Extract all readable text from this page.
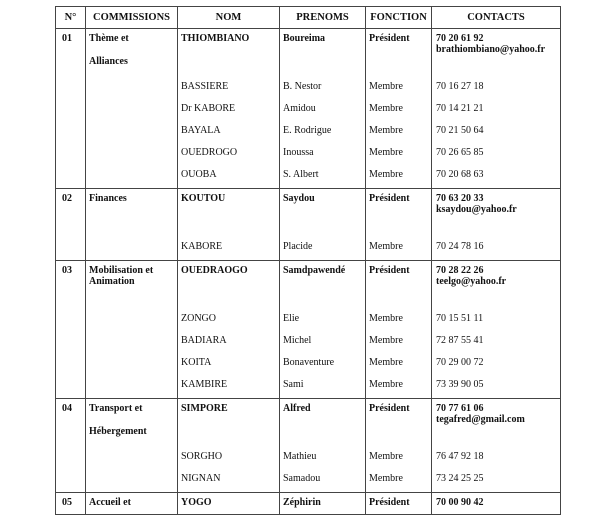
N°	COMMISSIONS	NOM	PRENOMS	FONCTION	CONTACTS

01	Thème et
Alliances	THIOMBIANO	Boureima	Président	70 20 61 92
brathiombiano@yahoo.fr

		BASSIERE	B. Nestor	Membre	70 16 27 18

		Dr KABORE	Amidou	Membre	70 14 21 21

		BAYALA	E. Rodrigue	Membre	70 21 50 64

		OUEDROGO	Inoussa	Membre	70 26 65 85

		OUOBA	S. Albert	Membre	70 20 68 63

02	Finances	KOUTOU	Saydou	Président	70 63 20 33
ksaydou@yahoo.fr

		KABORE	Placide	Membre	70 24 78 16

03	Mobilisation et
Animation	OUEDRAOGO	Samdpawendé	Président	70 28 22 26
teelgo@yahoo.fr

		ZONGO	Elie	Membre	70 15 51 11

		BADIARA	Michel	Membre	72 87 55 41

		KOITA	Bonaventure	Membre	70 29 00 72

		KAMBIRE	Sami	Membre	73 39 90 05

04	Transport et
Hébergement	SIMPORE	Alfred	Président	70 77 61 06
tegafred@gmail.com

		SORGHO	Mathieu	Membre	76 47 92 18

		NIGNAN	Samadou	Membre	73 24 25 25

05	Accueil et	YOGO	Zéphirin	Président	70 00 90 42
